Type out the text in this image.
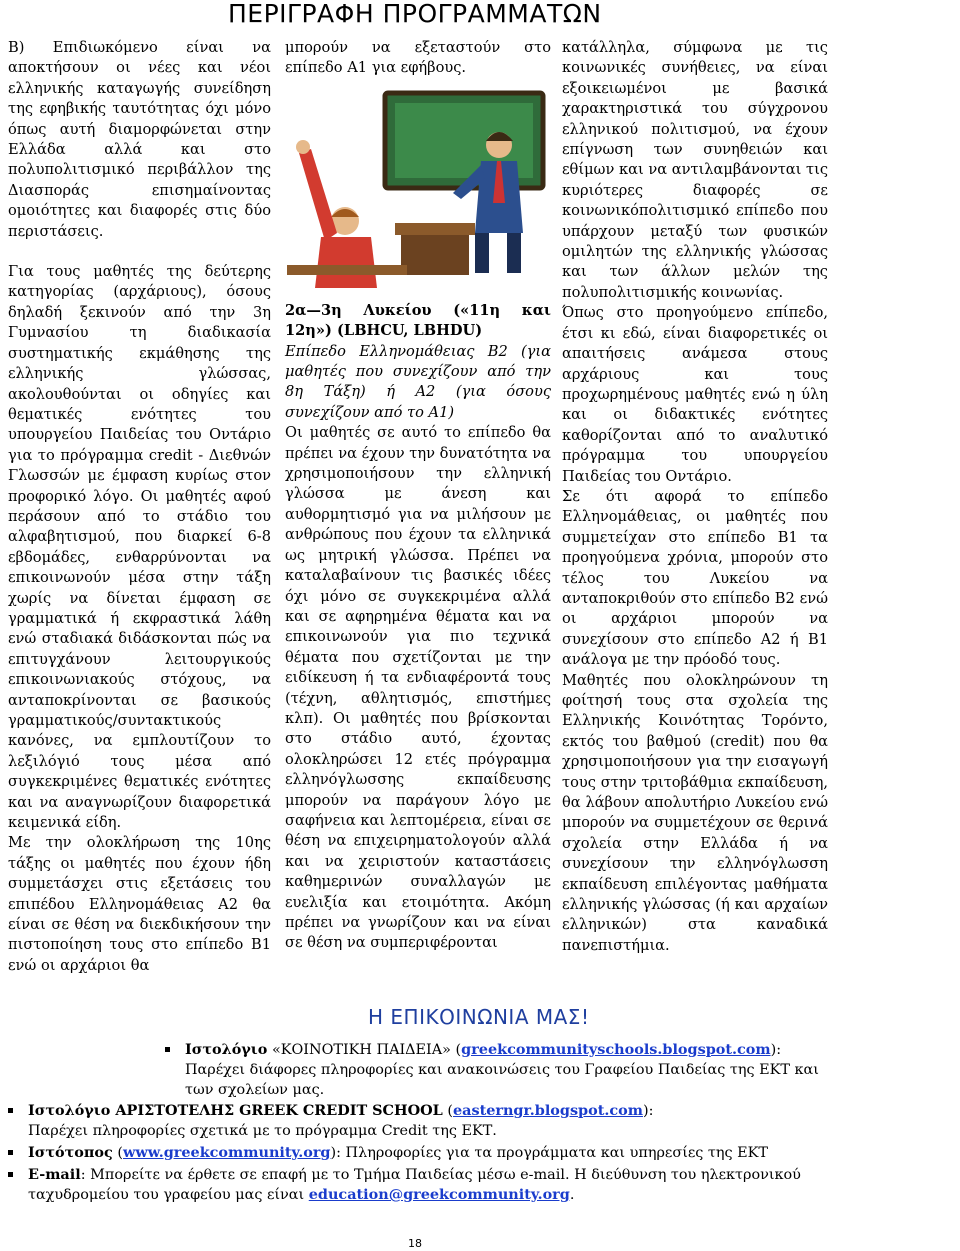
ΠΕΡΙΓΡΑΦΗ ΠΡΟΓΡΑΜΜΑΤΩΝ

Β) Επιδιωκόμενο είναι να αποκτήσουν οι νέες και νέοι ελληνικής καταγωγής συνείδηση της εφηβικής ταυτότητας όχι μόνο όπως αυτή διαμορφώνεται στην Ελλάδα αλλά και στο πολυπολιτισμικό περιβάλλον της Διασποράς επισημαίνοντας ομοιότητες και διαφορές στις δύο περιστάσεις.

Για τους μαθητές της δεύτερης κατηγορίας (αρχάριους), όσους δηλαδή ξεκινούν από την 3η Γυμνασίου τη διαδικασία συστηματικής εκμάθησης της ελληνικής γλώσσας, ακολουθούνται οι οδηγίες και θεματικές ενότητες του υπουργείου Παιδείας του Οντάριο για το πρόγραμμα credit - Διεθνών Γλωσσών με έμφαση κυρίως στον προφορικό λόγο. Οι μαθητές αφού περάσουν από το στάδιο του αλφαβητισμού, που διαρκεί 6-8 εβδομάδες, ενθαρρύνονται να επικοινωνούν μέσα στην τάξη χωρίς να δίνεται έμφαση σε γραμματικά ή εκφραστικά λάθη ενώ σταδιακά διδάσκονται πώς να επιτυγχάνουν λειτουργικούς επικοινωνιακούς στόχους, να ανταποκρίνονται σε βασικούς γραμματικούς/συντακτικούς κανόνες, να εμπλουτίζουν το λεξιλόγιό τους μέσα από συγκεκριμένες θεματικές ενότητες και να αναγνωρίζουν διαφορετικά κειμενικά είδη.

Με την ολοκλήρωση της 10ης τάξης οι μαθητές που έχουν ήδη συμμετάσχει στις εξετάσεις του επιπέδου Ελληνομάθειας Α2 θα είναι σε θέση να διεκδικήσουν την πιστοποίηση τους στο επίπεδο Β1 ενώ οι αρχάριοι θα

μπορούν να εξεταστούν στο επίπεδο Α1 για εφήβους.

2α—3η Λυκείου («11η και 12η») (LBHCU, LBHDU)

Επίπεδο Ελληνομάθειας Β2 (για μαθητές που συνεχίζουν από την 8η Τάξη) ή Α2 (για όσους συνεχίζουν από το Α1)

Οι μαθητές σε αυτό το επίπεδο θα πρέπει να έχουν την δυνατότητα να χρησιμοποιήσουν την ελληνική γλώσσα με άνεση και αυθορμητισμό για να μιλήσουν με ανθρώπους που έχουν τα ελληνικά ως μητρική γλώσσα. Πρέπει να καταλαβαίνουν τις βασικές ιδέες όχι μόνο σε συγκεκριμένα αλλά και σε αφηρημένα θέματα και να επικοινωνούν για πιο τεχνικά θέματα που σχετίζονται με την ειδίκευση ή τα ενδιαφέροντά τους (τέχνη, αθλητισμός, επιστήμες κλπ). Οι μαθητές που βρίσκονται στο στάδιο αυτό, έχοντας ολοκληρώσει 12 ετές πρόγραμμα ελληνόγλωσσης εκπαίδευσης μπορούν να παράγουν λόγο με σαφήνεια και λεπτομέρεια, είναι σε θέση να επιχειρηματολογούν αλλά και να χειριστούν καταστάσεις καθημερινών συναλλαγών με ευελιξία και ετοιμότητα. Ακόμη πρέπει να γνωρίζουν και να είναι σε θέση να συμπεριφέρονται

κατάλληλα, σύμφωνα με τις κοινωνικές συνήθειες, να είναι εξοικειωμένοι με βασικά χαρακτηριστικά του σύγχρονου ελληνικού πολιτισμού, να έχουν επίγνωση των συνηθειών και εθίμων και να αντιλαμβάνονται τις κυριότερες διαφορές σε κοινωνικόπολιτισμικό επίπεδο που υπάρχουν μεταξύ των φυσικών ομιλητών της ελληνικής γλώσσας και των άλλων μελών της πολυπολιτισμικής κοινωνίας.

Όπως στο προηγούμενο επίπεδο, έτσι κι εδώ, είναι διαφορετικές οι απαιτήσεις ανάμεσα στους αρχάριους και τους προχωρημένους μαθητές ενώ η ύλη και οι διδακτικές ενότητες καθορίζονται από το αναλυτικό πρόγραμμα του υπουργείου Παιδείας του Οντάριο.

Σε ότι αφορά το επίπεδο Ελληνομάθειας, οι μαθητές που συμμετείχαν στο επίπεδο Β1 τα προηγούμενα χρόνια, μπορούν στο τέλος του Λυκείου να ανταποκριθούν στο επίπεδο Β2 ενώ οι αρχάριοι μπορούν να συνεχίσουν στο επίπεδο Α2 ή Β1 ανάλογα με την πρόοδό τους.

Μαθητές που ολοκληρώνουν τη φοίτησή τους στα σχολεία της Ελληνικής Κοινότητας Τορόντο, εκτός του βαθμού (credit) που θα χρησιμοποιήσουν για την εισαγωγή τους στην τριτοβάθμια εκπαίδευση, θα λάβουν απολυτήριο Λυκείου ενώ μπορούν να συμμετέχουν σε θερινά σχολεία στην Ελλάδα ή να συνεχίσουν την ελληνόγλωσση εκπαίδευση επιλέγοντας μαθήματα ελληνικής γλώσσας (ή και αρχαίων ελληνικών) στα καναδικά πανεπιστήμια.

Η ΕΠΙΚΟΙΝΩΝΙΑ ΜΑΣ!
Ιστολόγιο «ΚΟΙΝΟΤΙΚΗ ΠΑΙΔΕΙΑ» (greekcommunityschools.blogspot.com):
Παρέχει διάφορες πληροφορίες και ανακοινώσεις του Γραφείου Παιδείας της ΕΚΤ και
των σχολείων μας.
Ιστολόγιο ΑΡΙΣΤΟΤΕΛΗΣ GREEK CREDIT SCHOOL (easterngr.blogspot.com):
Παρέχει πληροφορίες σχετικά με το πρόγραμμα Credit της ΕΚΤ.
Ιστότοπος (www.greekcommunity.org): Πληροφορίες για τα προγράμματα και υπηρεσίες της ΕΚΤ
E-mail: Μπορείτε να έρθετε σε επαφή με το Τμήμα Παιδείας μέσω e-mail. Η διεύθυνση του ηλεκτρονικού
ταχυδρομείου του γραφείου μας είναι education@greekcommunity.org.
18
